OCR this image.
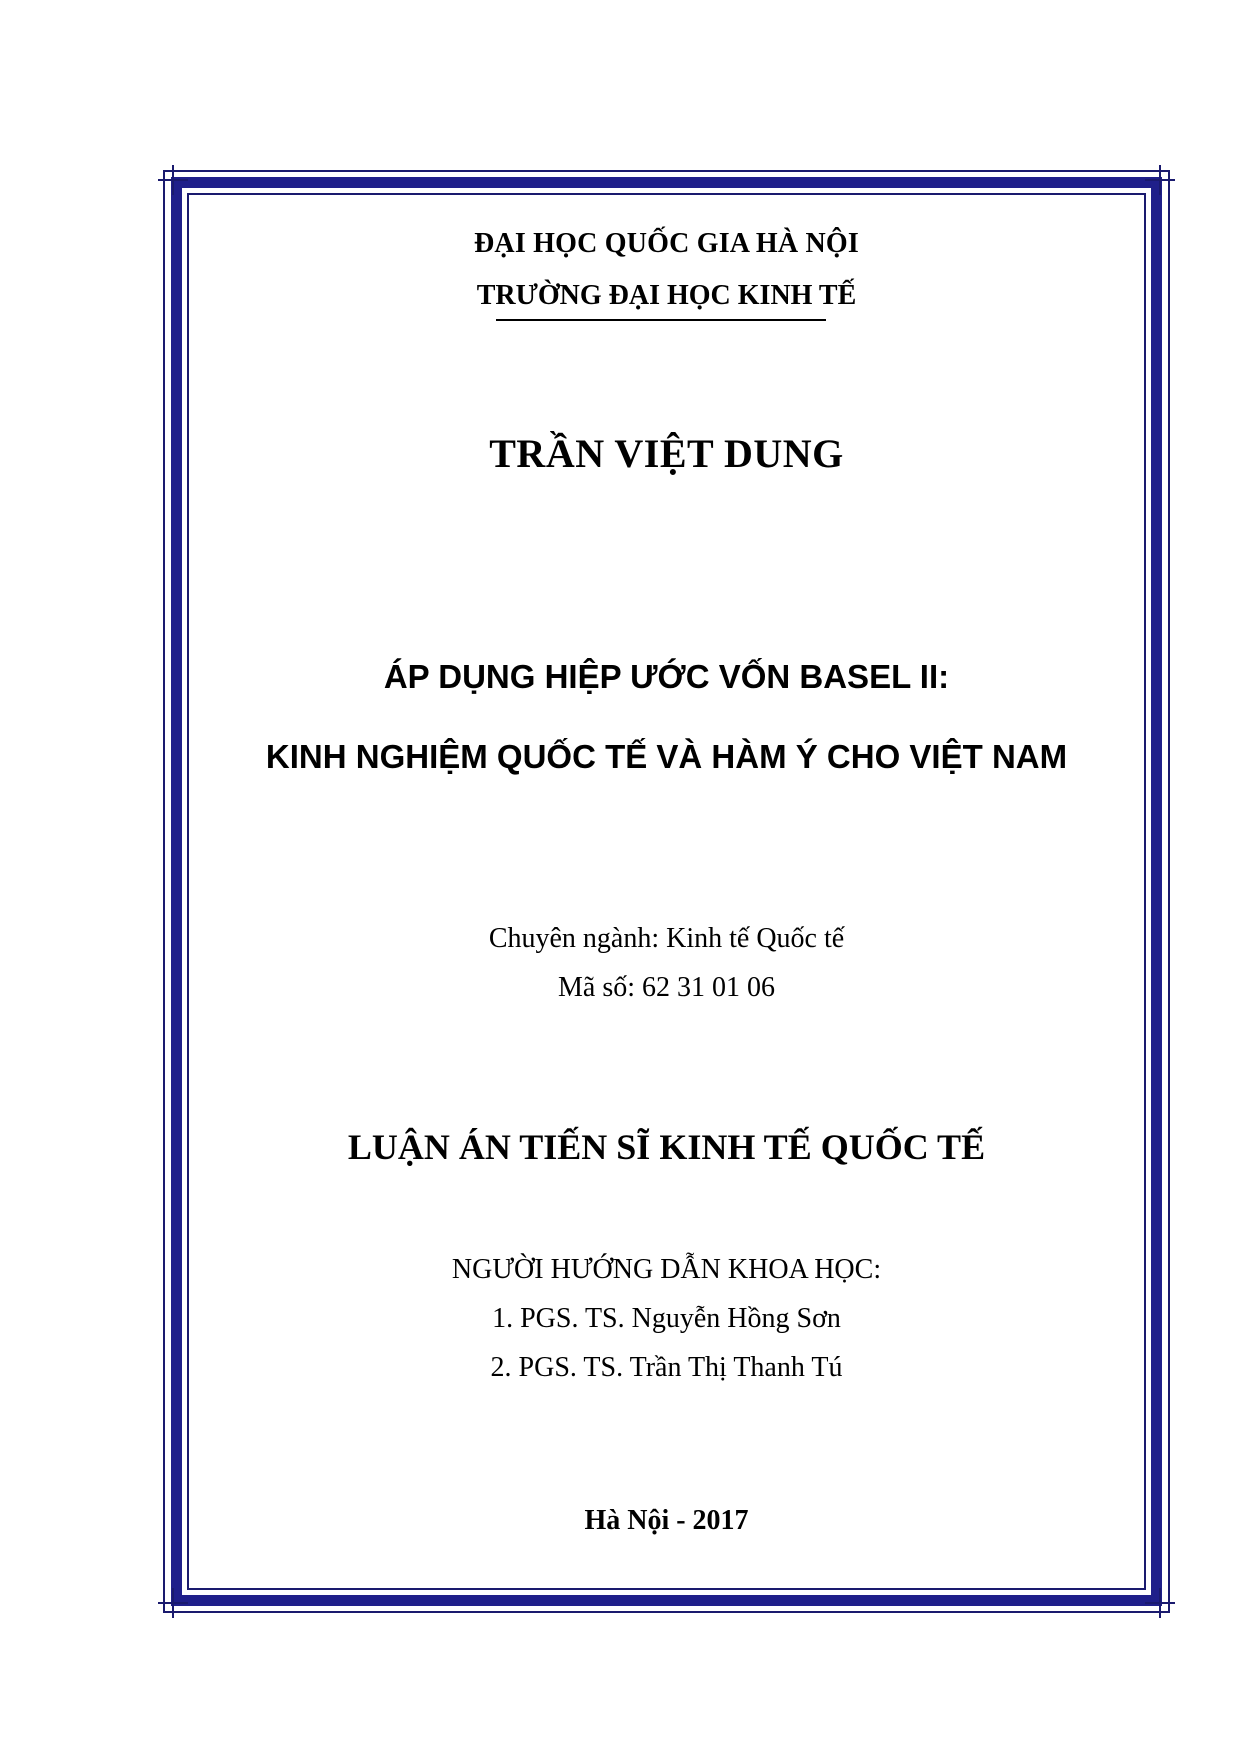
ĐẠI HỌC QUỐC GIA HÀ NỘI
TRƯỜNG ĐẠI HỌC KINH TẾ
TRẦN VIỆT DUNG
ÁP DỤNG HIỆP ƯỚC VỐN BASEL II:
KINH NGHIỆM QUỐC TẾ VÀ HÀM Ý CHO VIỆT NAM
Chuyên ngành: Kinh tế Quốc tế
Mã số: 62 31 01 06
LUẬN ÁN TIẾN SĨ KINH TẾ QUỐC TẾ
NGƯỜI HƯỚNG DẪN KHOA HỌC:
1. PGS. TS. Nguyễn Hồng Sơn
2. PGS. TS. Trần Thị Thanh Tú
Hà Nội - 2017
